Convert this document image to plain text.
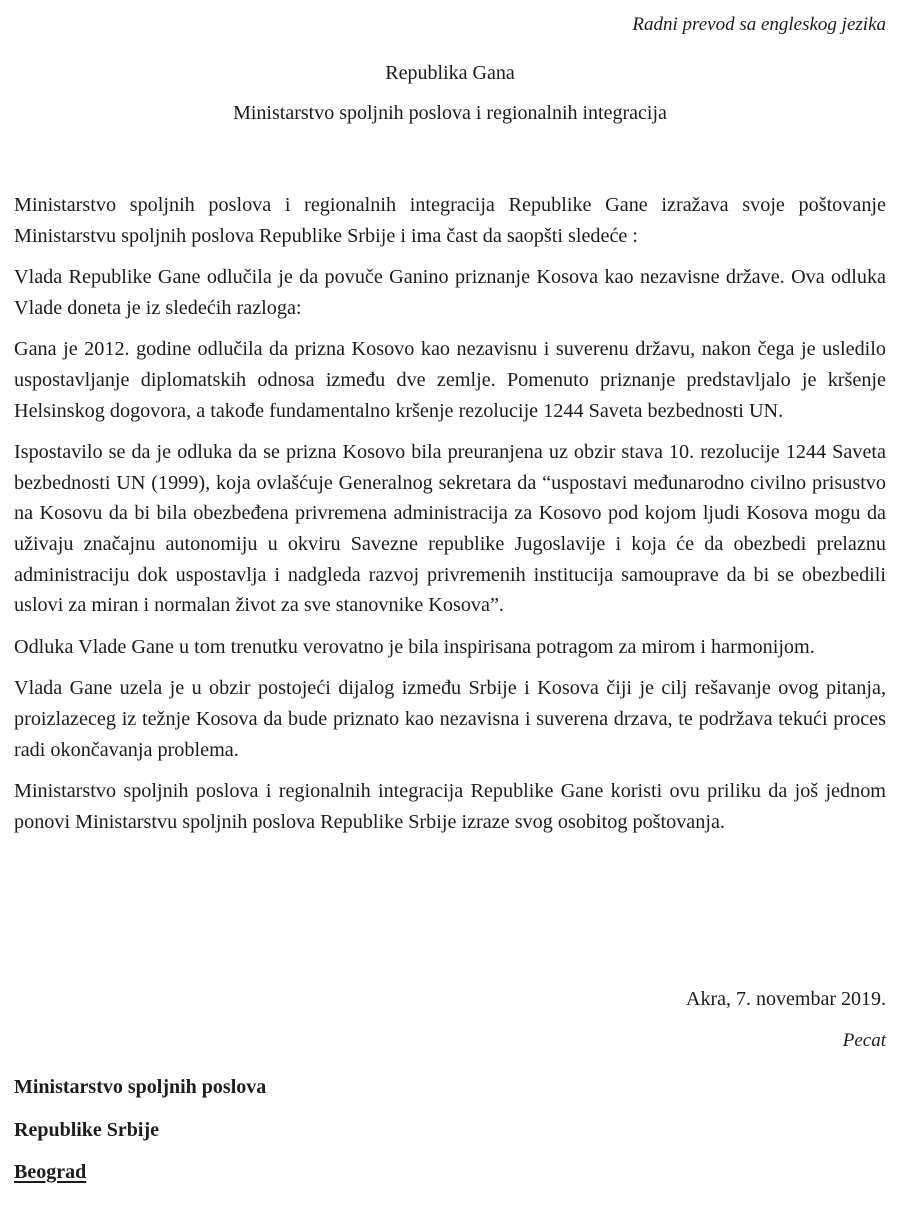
Radni prevod sa engleskog jezika
Republika Gana
Ministarstvo spoljnih poslova i regionalnih integracija

Ministarstvo spoljnih poslova i regionalnih integracija Republike Gane izražava svoje poštovanje Ministarstvu spoljnih poslova Republike Srbije i ima čast da saopšti sledeće :

Vlada Republike Gane odlučila je da povuče Ganino priznanje Kosova kao nezavisne države. Ova odluka Vlade doneta je iz sledećih razloga:

Gana je 2012. godine odlučila da prizna Kosovo kao nezavisnu i suverenu državu, nakon čega je usledilo uspostavljanje diplomatskih odnosa između dve zemlje. Pomenuto priznanje predstavljalo je kršenje Helsinskog dogovora, a takođe fundamentalno kršenje rezolucije 1244 Saveta bezbednosti UN.

Ispostavilo se da je odluka da se prizna Kosovo bila preuranjena uz obzir stava 10. rezolucije 1244 Saveta bezbednosti UN (1999), koja ovlašćuje Generalnog sekretara da “uspostavi međunarodno civilno prisustvo na Kosovu da bi bila obezbeđena privremena administracija za Kosovo pod kojom ljudi Kosova mogu da uživaju značajnu autonomiju u okviru Savezne republike Jugoslavije i koja će da obezbedi prelaznu administraciju dok uspostavlja i nadgleda razvoj privremenih institucija samouprave da bi se obezbedili uslovi za miran i normalan život za sve stanovnike Kosova”.

Odluka Vlade Gane u tom trenutku verovatno je bila inspirisana potragom za mirom i harmonijom.

Vlada Gane uzela je u obzir postojeći dijalog između Srbije i Kosova čiji je cilj rešavanje ovog pitanja, proizlazeceg iz težnje Kosova da bude priznato kao nezavisna i suverena drzava, te podržava tekući proces radi okončavanja problema.

Ministarstvo spoljnih poslova i regionalnih integracija Republike Gane koristi ovu priliku da još jednom ponovi Ministarstvu spoljnih poslova Republike Srbije izraze svog osobitog poštovanja.

Akra, 7. novembar 2019.
Pecat
Ministarstvo spoljnih poslova
Republike Srbije
Beograd
